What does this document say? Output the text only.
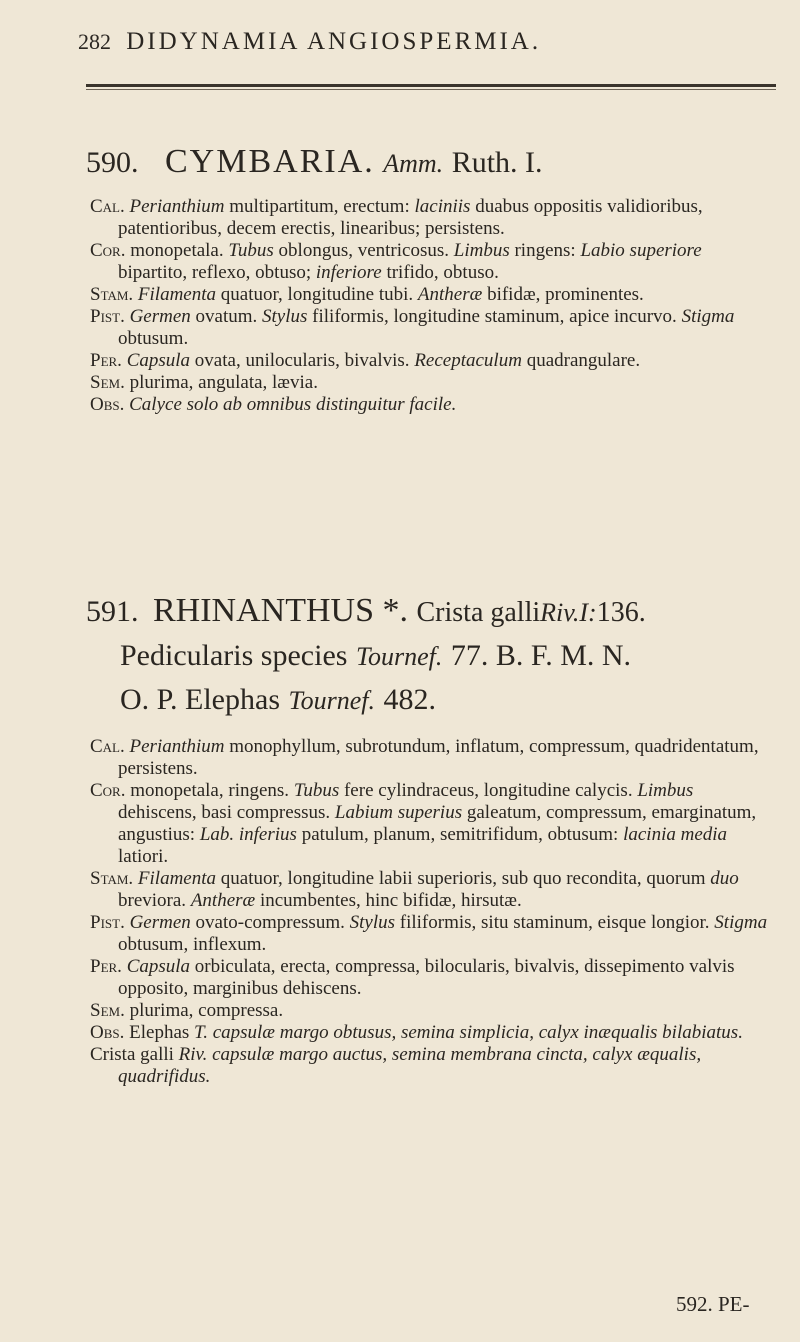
282 DIDYNAMIA ANGIOSPERMIA.
590. CYMBARIA. Amm. Ruth. I.

Cal. Perianthium multipartitum, erectum: laciniis duabus oppositis validioribus, patentioribus, decem erectis, linearibus; persistens.

Cor. monopetala. Tubus oblongus, ventricosus. Limbus ringens: Labio superiore bipartito, reflexo, obtuso; inferiore trifido, obtuso.

Stam. Filamenta quatuor, longitudine tubi. Antheræ bifidæ, prominentes.

Pist. Germen ovatum. Stylus filiformis, longitudine staminum, apice incurvo. Stigma obtusum.

Per. Capsula ovata, unilocularis, bivalvis. Receptaculum quadrangulare.

Sem. plurima, angulata, lævia.

Obs. Calyce solo ab omnibus distinguitur facile.

591. RHINANTHUS *. Crista galliRiv.I:136.
Pedicularis species Tournef. 77. B. F. M. N.
O. P. Elephas Tournef. 482.

Cal. Perianthium monophyllum, subrotundum, inflatum, compressum, quadridentatum, persistens.

Cor. monopetala, ringens. Tubus fere cylindraceus, longitudine calycis. Limbus dehiscens, basi compressus. Labium superius galeatum, compressum, emarginatum, angustius: Lab. inferius patulum, planum, semitrifidum, obtusum: lacinia media latiori.

Stam. Filamenta quatuor, longitudine labii superioris, sub quo recondita, quorum duo breviora. Antheræ incumbentes, hinc bifidæ, hirsutæ.

Pist. Germen ovato-compressum. Stylus filiformis, situ staminum, eisque longior. Stigma obtusum, inflexum.

Per. Capsula orbiculata, erecta, compressa, bilocularis, bivalvis, dissepimento valvis opposito, marginibus dehiscens.

Sem. plurima, compressa.

Obs. Elephas T. capsulæ margo obtusus, semina simplicia, calyx inæqualis bilabiatus.

Crista galli Riv. capsulæ margo auctus, semina membrana cincta, calyx æqualis, quadrifidus.

592. PE-
